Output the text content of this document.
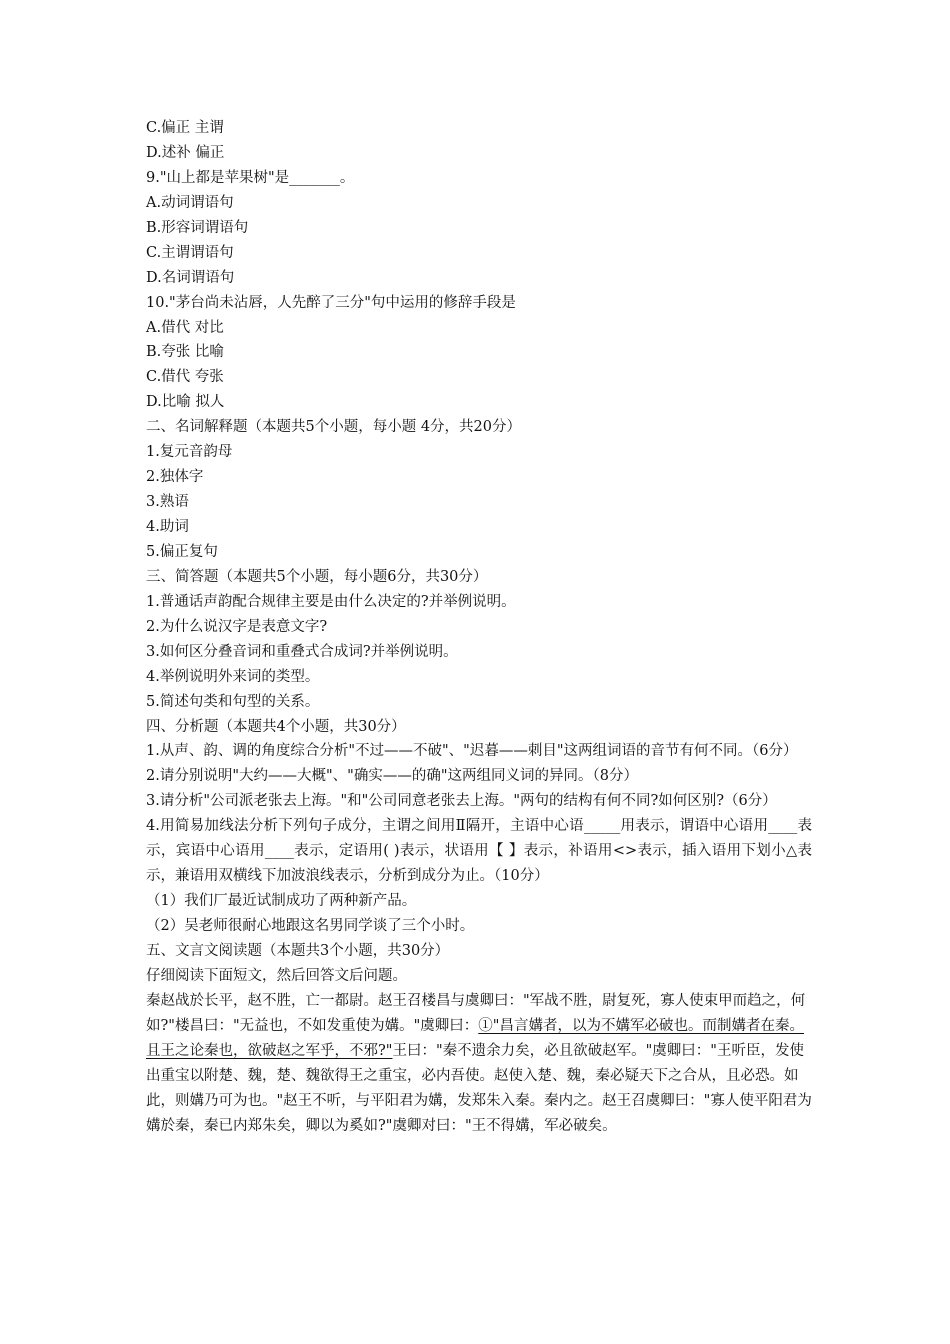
C.偏正 主谓
D.述补 偏正
9."山上都是苹果树"是_______。
A.动词谓语句
B.形容词谓语句
C.主谓谓语句
D.名词谓语句
10."茅台尚未沾唇，人先醉了三分"句中运用的修辞手段是
A.借代 对比
B.夸张 比喻
C.借代 夸张
D.比喻 拟人
二、名词解释题（本题共5个小题，每小题 4分，共20分）
1.复元音韵母
2.独体字
3.熟语
4.助词
5.偏正复句
三、简答题（本题共5个小题，每小题6分，共30分）
1.普通话声韵配合规律主要是由什么决定的?并举例说明。
2.为什么说汉字是表意文字?
3.如何区分叠音词和重叠式合成词?并举例说明。
4.举例说明外来词的类型。
5.简述句类和句型的关系。
四、分析题（本题共4个小题，共30分）
1.从声、韵、调的角度综合分析"不过——不破"、"迟暮——刺目"这两组词语的音节有何不同。（6分）
2.请分别说明"大约——大概"、"确实——的确"这两组同义词的异同。（8分）
3.请分析"公司派老张去上海。"和"公司同意老张去上海。"两句的结构有何不同?如何区别?（6分）
4.用简易加线法分析下列句子成分，主谓之间用Ⅱ隔开，主语中心语_____用表示，谓语中心语用____表示，宾语中心语用____表示，定语用( )表示，状语用【 】表示，补语用<>表示，插入语用下划小△表示，兼语用双横线下加波浪线表示，分析到成分为止。（10分）
（1）我们厂最近试制成功了两种新产品。
（2）吴老师很耐心地跟这名男同学谈了三个小时。
五、文言文阅读题（本题共3个小题，共30分）
仔细阅读下面短文，然后回答文后问题。
秦赵战於长平，赵不胜，亡一都尉。赵王召楼昌与虞卿曰："军战不胜，尉复死，寡人使束甲而趋之，何如?"楼昌曰："无益也，不如发重使为媾。"虞卿曰：①"昌言媾者，以为不媾军必破也。而制媾者在秦。且王之论秦也，欲破赵之军乎，不邪?"王曰："秦不遗余力矣，必且欲破赵军。"虞卿曰："王听臣，发使出重宝以附楚、魏，楚、魏欲得王之重宝，必内吾使。赵使入楚、魏，秦必疑天下之合从，且必恐。如此，则媾乃可为也。"赵王不听，与平阳君为媾，发郑朱入秦。秦内之。赵王召虞卿曰："寡人使平阳君为媾於秦，秦已内郑朱矣，卿以为奚如?"虞卿对曰："王不得媾，军必破矣。
